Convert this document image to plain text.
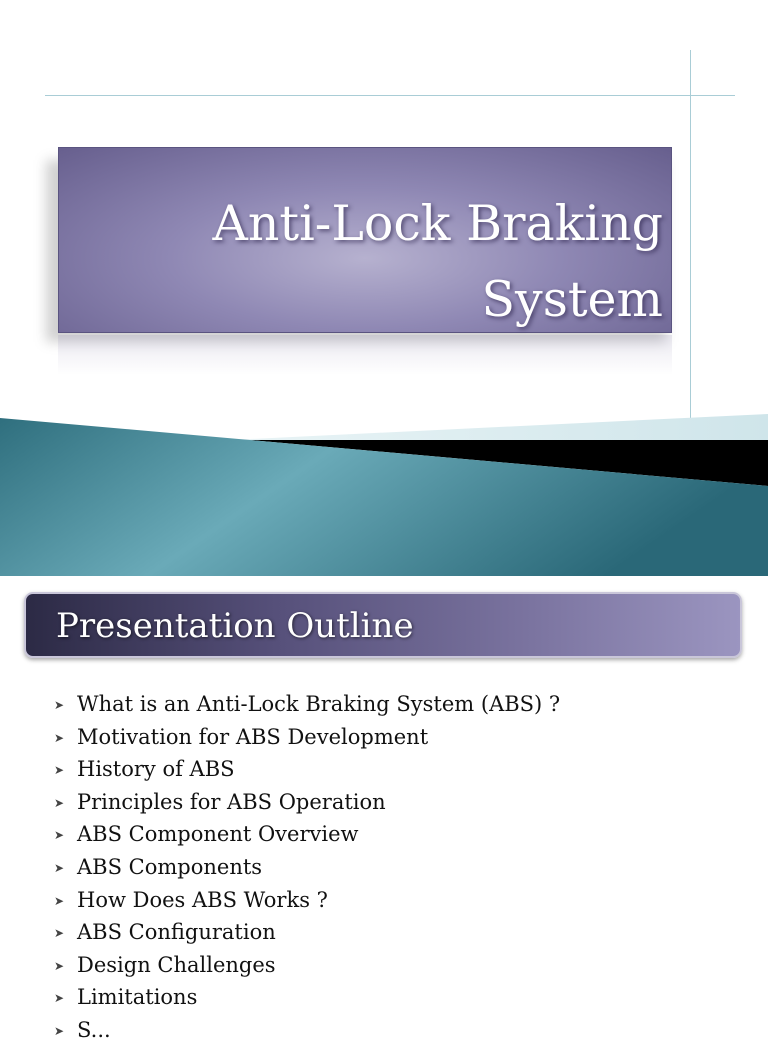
Anti-Lock Braking
System
Presentation Outline
➤ What is an Anti-Lock Braking System (ABS) ?
➤ Motivation for ABS Development
➤ History of ABS
➤ Principles for ABS Operation
➤ ABS Component Overview
➤ ABS Components
➤ How Does ABS Works ?
➤ ABS Configuration
➤ Design Challenges
➤ Limitations
➤ S...
